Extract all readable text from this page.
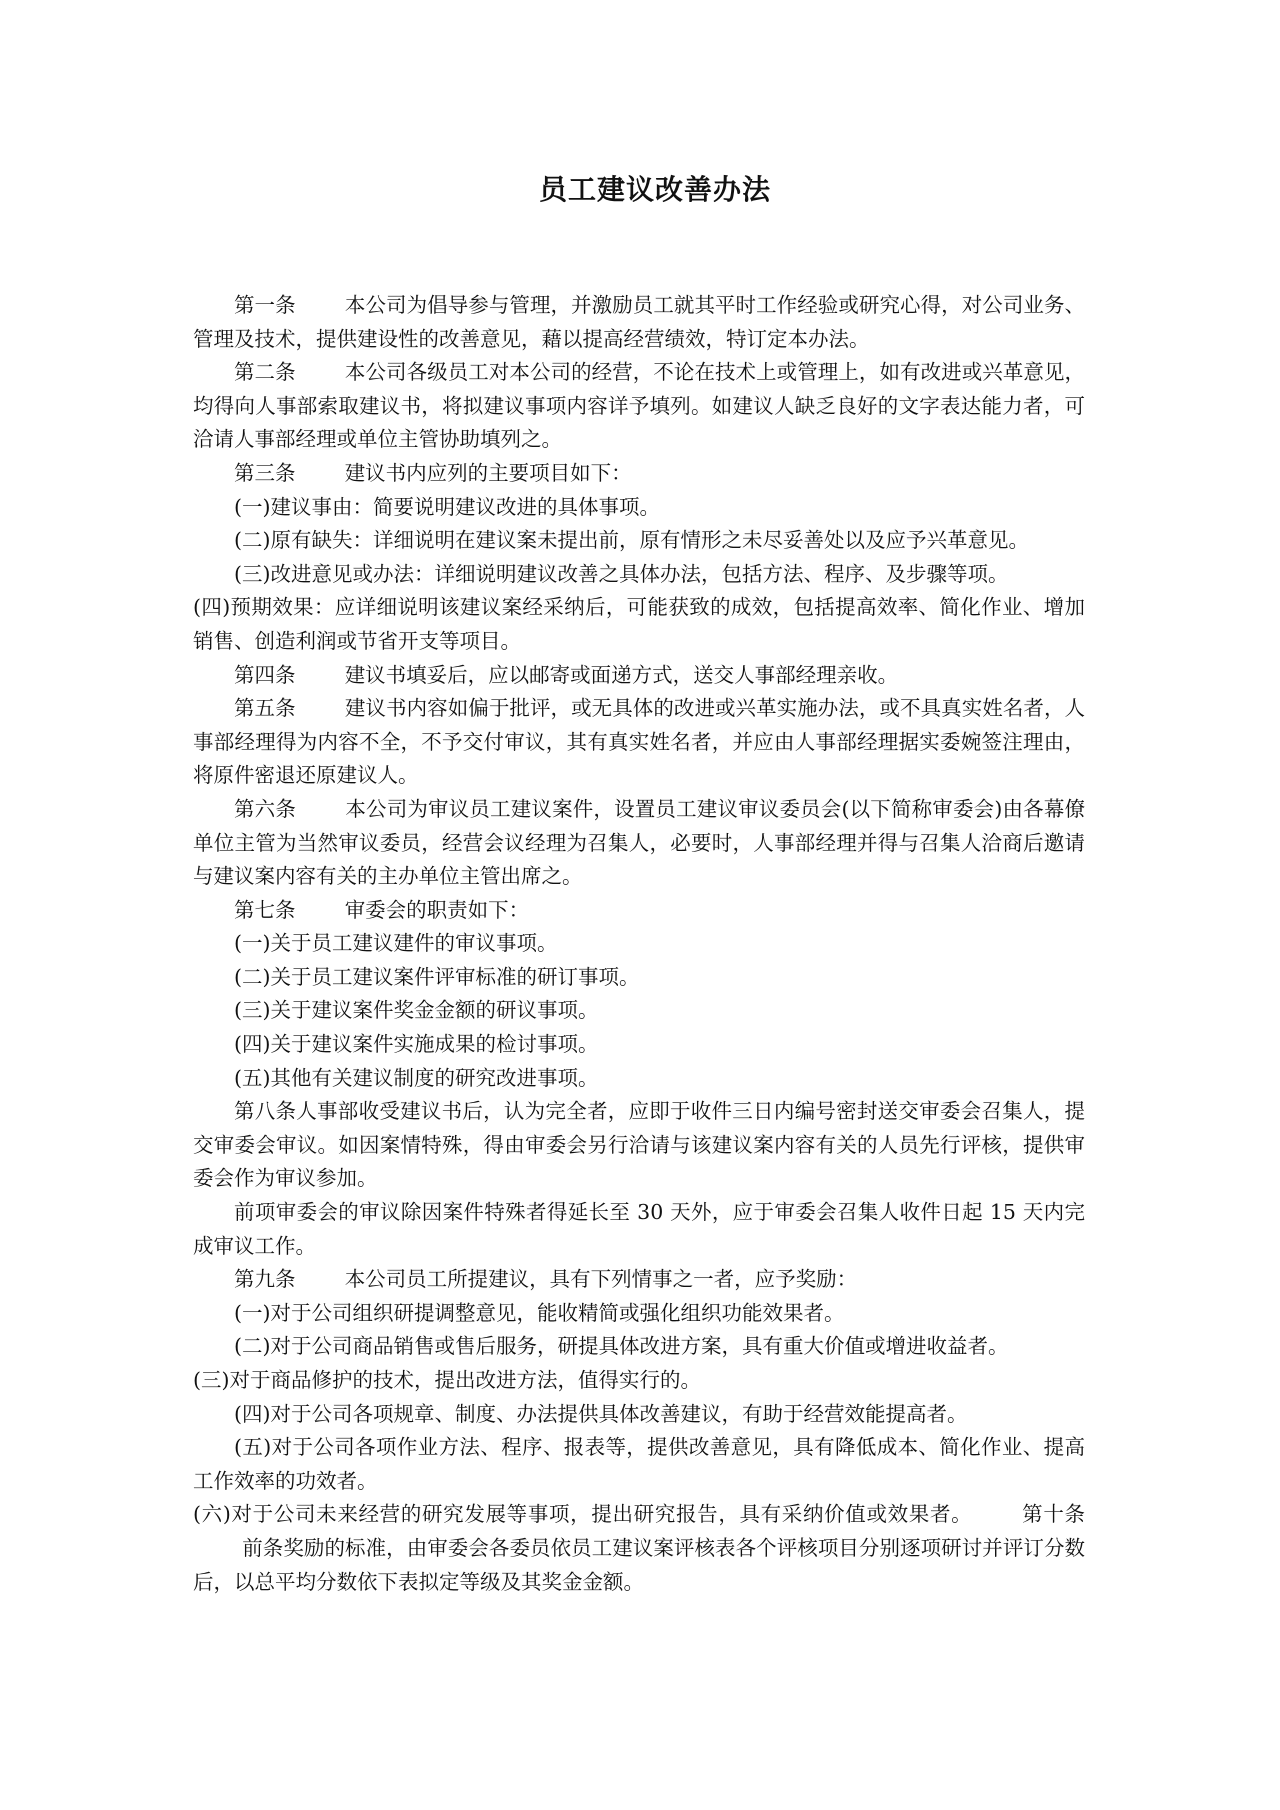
员工建议改善办法

第一条 本公司为倡导参与管理，并激励员工就其平时工作经验或研究心得，对公司业务、管理及技术，提供建设性的改善意见，藉以提高经营绩效，特订定本办法。

第二条 本公司各级员工对本公司的经营，不论在技术上或管理上，如有改进或兴革意见，均得向人事部索取建议书，将拟建议事项内容详予填列。如建议人缺乏良好的文字表达能力者，可洽请人事部经理或单位主管协助填列之。

第三条 建议书内应列的主要项目如下：

(一)建议事由：简要说明建议改进的具体事项。

(二)原有缺失：详细说明在建议案未提出前，原有情形之未尽妥善处以及应予兴革意见。

(三)改进意见或办法：详细说明建议改善之具体办法，包括方法、程序、及步骤等项。

(四)预期效果：应详细说明该建议案经采纳后，可能获致的成效，包括提高效率、简化作业、增加销售、创造利润或节省开支等项目。

第四条 建议书填妥后，应以邮寄或面递方式，送交人事部经理亲收。

第五条 建议书内容如偏于批评，或无具体的改进或兴革实施办法，或不具真实姓名者，人事部经理得为内容不全，不予交付审议，其有真实姓名者，并应由人事部经理据实委婉签注理由，将原件密退还原建议人。

第六条 本公司为审议员工建议案件，设置员工建议审议委员会(以下简称审委会)由各幕僚单位主管为当然审议委员，经营会议经理为召集人，必要时，人事部经理并得与召集人洽商后邀请与建议案内容有关的主办单位主管出席之。

第七条 审委会的职责如下：

(一)关于员工建议建件的审议事项。

(二)关于员工建议案件评审标准的研订事项。

(三)关于建议案件奖金金额的研议事项。

(四)关于建议案件实施成果的检讨事项。

(五)其他有关建议制度的研究改进事项。

第八条人事部收受建议书后，认为完全者，应即于收件三日内编号密封送交审委会召集人，提交审委会审议。如因案情特殊，得由审委会另行洽请与该建议案内容有关的人员先行评核，提供审委会作为审议参加。

前项审委会的审议除因案件特殊者得延长至 30 天外，应于审委会召集人收件日起 15 天内完成审议工作。

第九条 本公司员工所提建议，具有下列情事之一者，应予奖励：

(一)对于公司组织研提调整意见，能收精简或强化组织功能效果者。

(二)对于公司商品销售或售后服务，研提具体改进方案，具有重大价值或增进收益者。

(三)对于商品修护的技术，提出改进方法，值得实行的。

(四)对于公司各项规章、制度、办法提供具体改善建议，有助于经营效能提高者。

(五)对于公司各项作业方法、程序、报表等，提供改善意见，具有降低成本、简化作业、提高工作效率的功效者。

(六)对于公司未来经营的研究发展等事项，提出研究报告，具有采纳价值或效果者。 第十条前条奖励的标准，由审委会各委员依员工建议案评核表各个评核项目分别逐项研讨并评订分数后，以总平均分数依下表拟定等级及其奖金金额。
